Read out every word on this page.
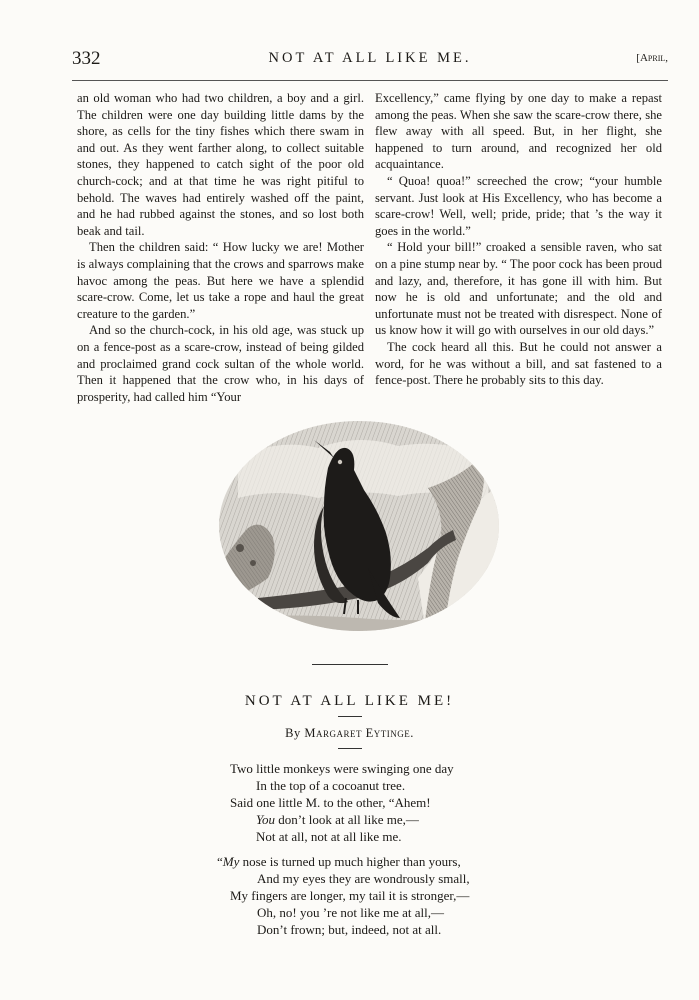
332	NOT AT ALL LIKE ME.	[April,

an old woman who had two children, a boy and a girl. The children were one day building little dams by the shore, as cells for the tiny fishes which there swam in and out. As they went farther along, to collect suitable stones, they happened to catch sight of the poor old church-cock; and at that time he was right pitiful to behold. The waves had entirely washed off the paint, and he had rubbed against the stones, and so lost both beak and tail.

Then the children said: “ How lucky we are! Mother is always complaining that the crows and sparrows make havoc among the peas. But here we have a splendid scare-crow. Come, let us take a rope and haul the great creature to the garden.”

And so the church-cock, in his old age, was stuck up on a fence-post as a scare-crow, instead of being gilded and proclaimed grand cock sultan of the whole world. Then it happened that the crow who, in his days of prosperity, had called him “Your

Excellency,” came flying by one day to make a repast among the peas. When she saw the scare-crow there, she flew away with all speed. But, in her flight, she happened to turn around, and recognized her old acquaintance.

“ Quoa! quoa!” screeched the crow; “your humble servant. Just look at His Excellency, who has become a scare-crow! Well, well; pride, pride; that ’s the way it goes in the world.”

“ Hold your bill!” croaked a sensible raven, who sat on a pine stump near by. “ The poor cock has been proud and lazy, and, therefore, it has gone ill with him. But now he is old and unfortunate; and the old and unfortunate must not be treated with disrespect. None of us know how it will go with ourselves in our old days.”

The cock heard all this. But he could not answer a word, for he was without a bill, and sat fastened to a fence-post. There he probably sits to this day.

NOT AT ALL LIKE ME!
By Margaret Eytinge.
Two little monkeys were swinging one day
In the top of a cocoanut tree.
Said one little M. to the other, “Ahem!
You don’t look at all like me,—
Not at all, not at all like me.
“My nose is turned up much higher than yours,
And my eyes they are wondrously small,
My fingers are longer, my tail it is stronger,—
Oh, no! you ’re not like me at all,—
Don’t frown; but, indeed, not at all.
